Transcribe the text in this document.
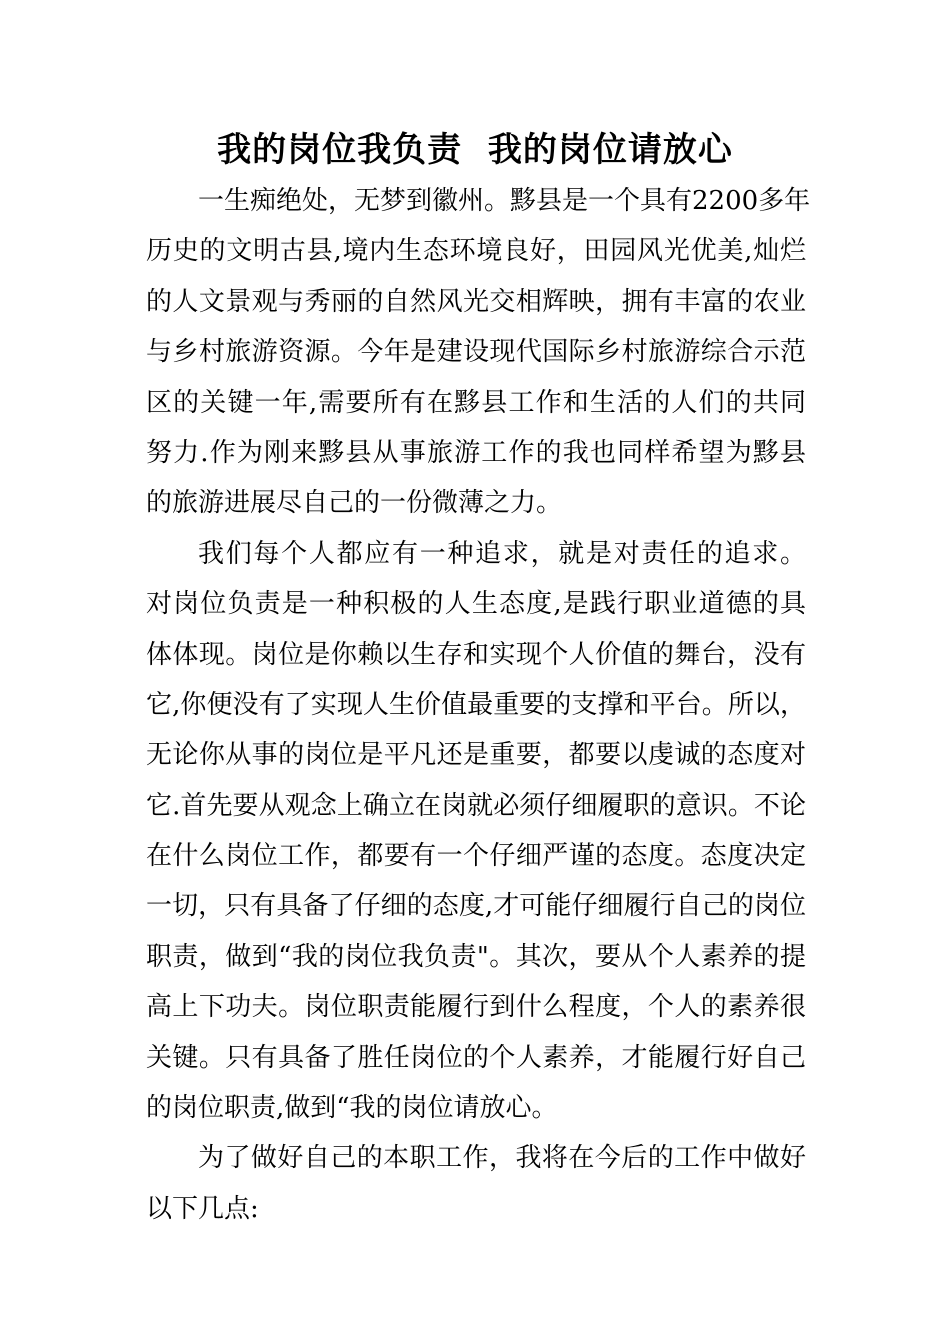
我的岗位我负责  我的岗位请放心
一生痴绝处，无梦到徽州。黟县是一个具有2200多年
历史的文明古县,境内生态环境良好，田园风光优美,灿烂
的人文景观与秀丽的自然风光交相辉映，拥有丰富的农业
与乡村旅游资源。今年是建设现代国际乡村旅游综合示范
区的关键一年,需要所有在黟县工作和生活的人们的共同
努力.作为刚来黟县从事旅游工作的我也同样希望为黟县
的旅游进展尽自己的一份微薄之力。
我们每个人都应有一种追求，就是对责任的追求。
对岗位负责是一种积极的人生态度,是践行职业道德的具
体体现。岗位是你赖以生存和实现个人价值的舞台，没有
它,你便没有了实现人生价值最重要的支撑和平台。所以，
无论你从事的岗位是平凡还是重要，都要以虔诚的态度对
它.首先要从观念上确立在岗就必须仔细履职的意识。不论
在什么岗位工作，都要有一个仔细严谨的态度。态度决定
一切，只有具备了仔细的态度,才可能仔细履行自己的岗位
职责，做到“我的岗位我负责"。其次，要从个人素养的提
高上下功夫。岗位职责能履行到什么程度，个人的素养很
关键。只有具备了胜任岗位的个人素养，才能履行好自己
的岗位职责,做到“我的岗位请放心。
为了做好自己的本职工作，我将在今后的工作中做好
以下几点:
